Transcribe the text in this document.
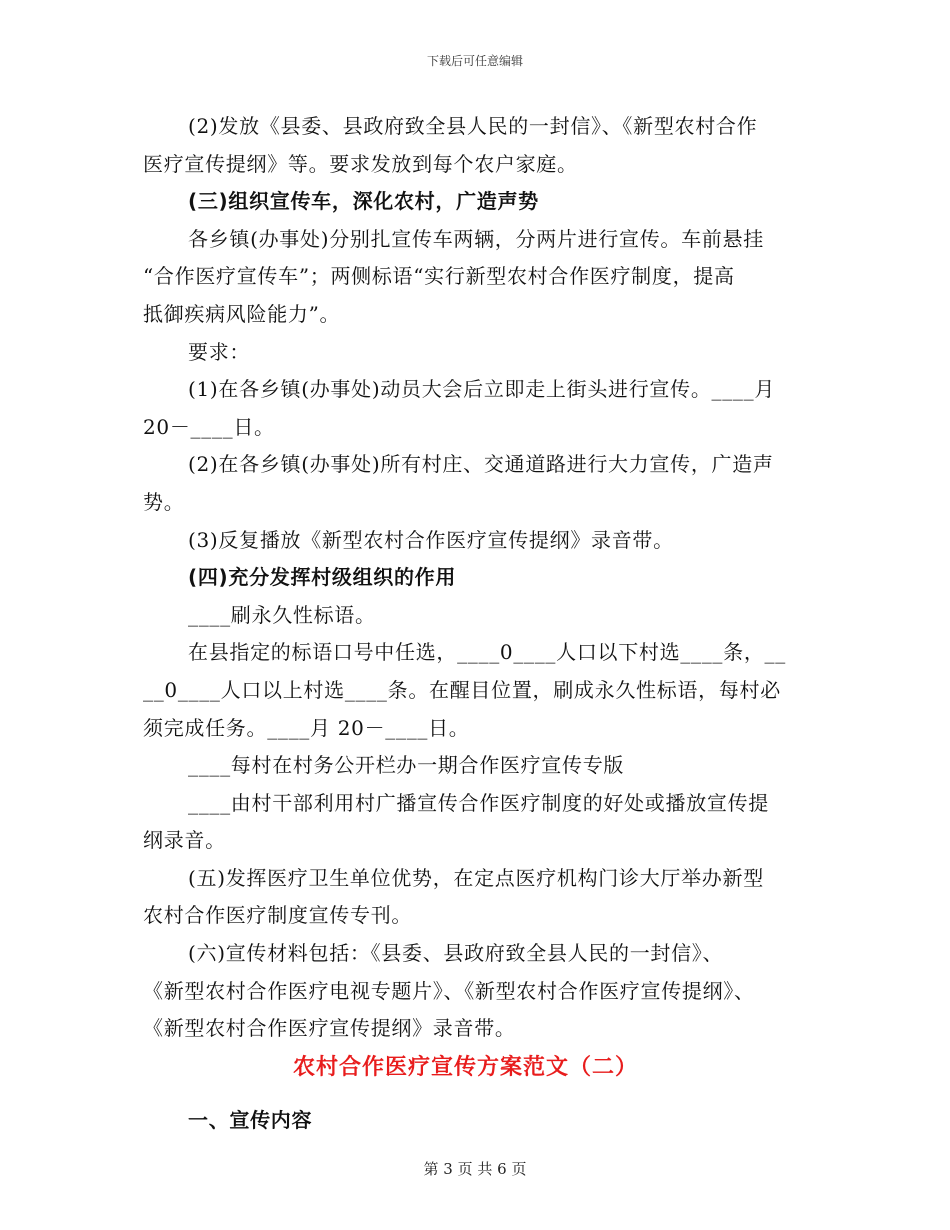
下载后可任意编辑
(2)发放《县委、县政府致全县人民的一封信》、《新型农村合作
医疗宣传提纲》等。要求发放到每个农户家庭。
(三)组织宣传车，深化农村，广造声势
各乡镇(办事处)分别扎宣传车两辆，分两片进行宣传。车前悬挂
“合作医疗宣传车”；两侧标语“实行新型农村合作医疗制度，提高
抵御疾病风险能力”。
要求：
(1)在各乡镇(办事处)动员大会后立即走上街头进行宣传。____月
20－____日。
(2)在各乡镇(办事处)所有村庄、交通道路进行大力宣传，广造声
势。
(3)反复播放《新型农村合作医疗宣传提纲》录音带。
(四)充分发挥村级组织的作用
____刷永久性标语。
在县指定的标语口号中任选，____0____人口以下村选____条，__
__0____人口以上村选____条。在醒目位置，刷成永久性标语，每村必
须完成任务。____月 20－____日。
____每村在村务公开栏办一期合作医疗宣传专版
____由村干部利用村广播宣传合作医疗制度的好处或播放宣传提
纲录音。
(五)发挥医疗卫生单位优势，在定点医疗机构门诊大厅举办新型
农村合作医疗制度宣传专刊。
(六)宣传材料包括：《县委、县政府致全县人民的一封信》、
《新型农村合作医疗电视专题片》、《新型农村合作医疗宣传提纲》、
《新型农村合作医疗宣传提纲》录音带。
农村合作医疗宣传方案范文（二）
一、宣传内容
第 3 页 共 6 页
